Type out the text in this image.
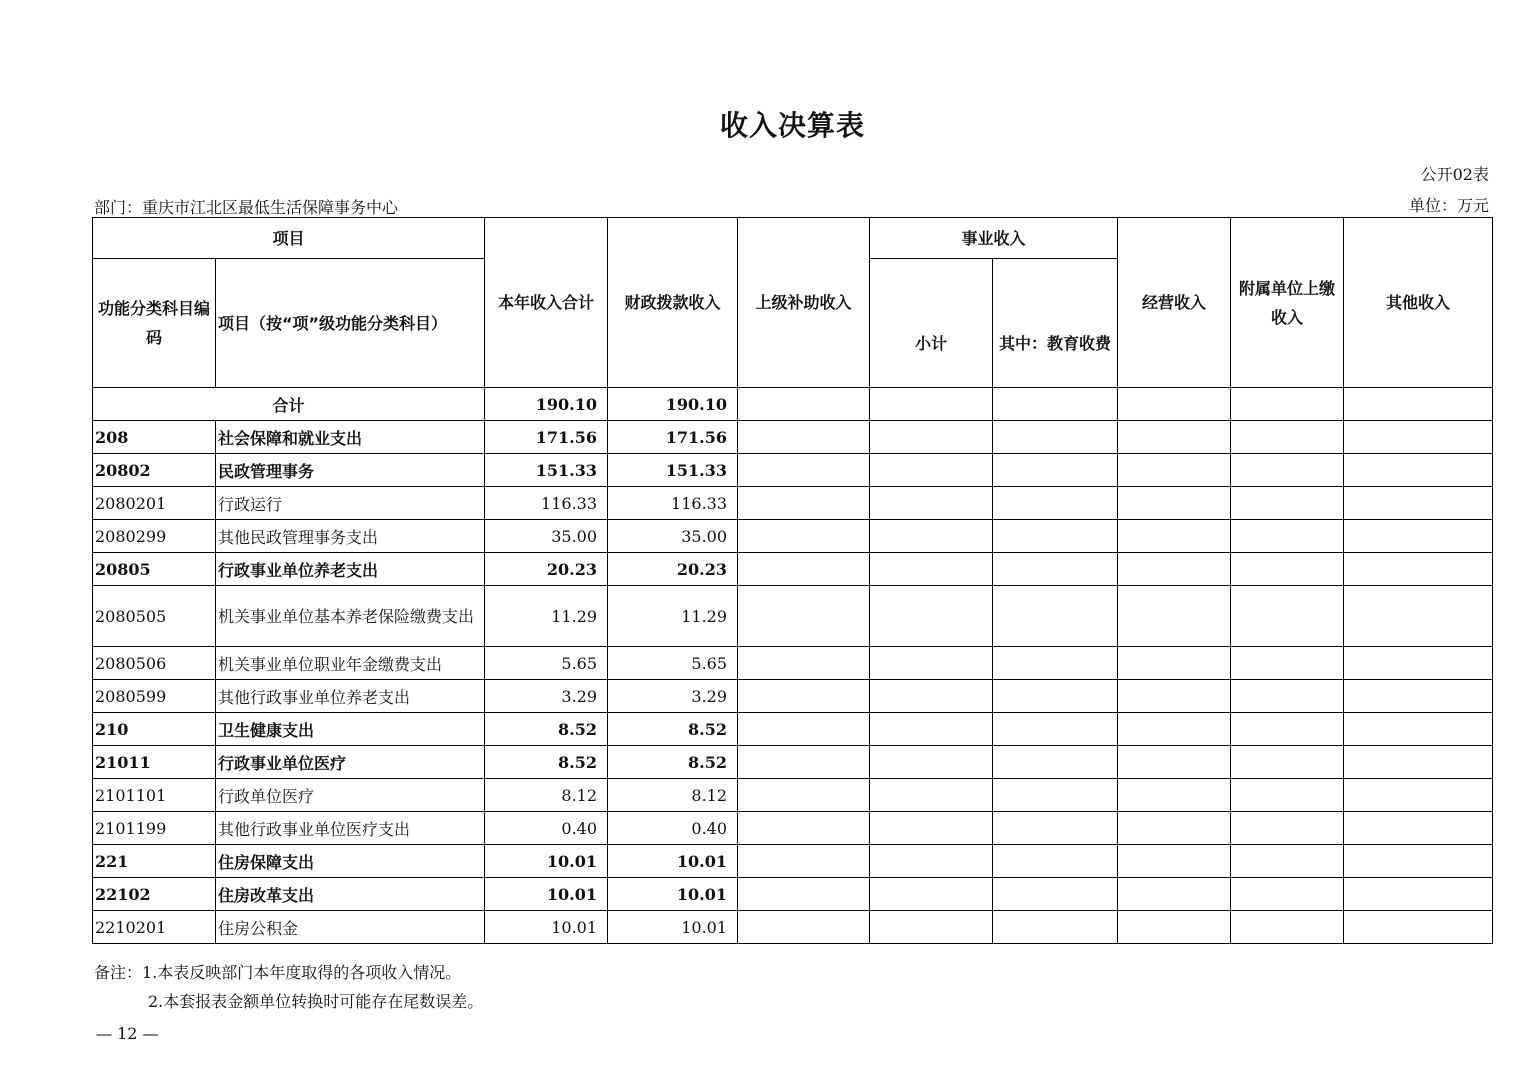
收入决算表
公开02表
部门：重庆市江北区最低生活保障事务中心	单位：万元
项目		本年收入合计	财政拨款收入	上级补助收入	事业收入		经营收入	附属单位上缴收入	其他收入
功能分类科目编码	项目（按“项”级功能分类科目）				小计	其中：教育收费			
合计		190.10	190.10						
208	社会保障和就业支出	171.56	171.56						
20802	民政管理事务	151.33	151.33						
2080201	行政运行	116.33	116.33						
2080299	其他民政管理事务支出	35.00	35.00						
20805	行政事业单位养老支出	20.23	20.23						
2080505	机关事业单位基本养老保险缴费支出	11.29	11.29						
2080506	机关事业单位职业年金缴费支出	5.65	5.65						
2080599	其他行政事业单位养老支出	3.29	3.29						
210	卫生健康支出	8.52	8.52						
21011	行政事业单位医疗	8.52	8.52						
2101101	行政单位医疗	8.12	8.12						
2101199	其他行政事业单位医疗支出	0.40	0.40						
221	住房保障支出	10.01	10.01						
22102	住房改革支出	10.01	10.01						
2210201	住房公积金	10.01	10.01						
备注：1.本表反映部门本年度取得的各项收入情况。
2.本套报表金额单位转换时可能存在尾数误差。
— 12 —
